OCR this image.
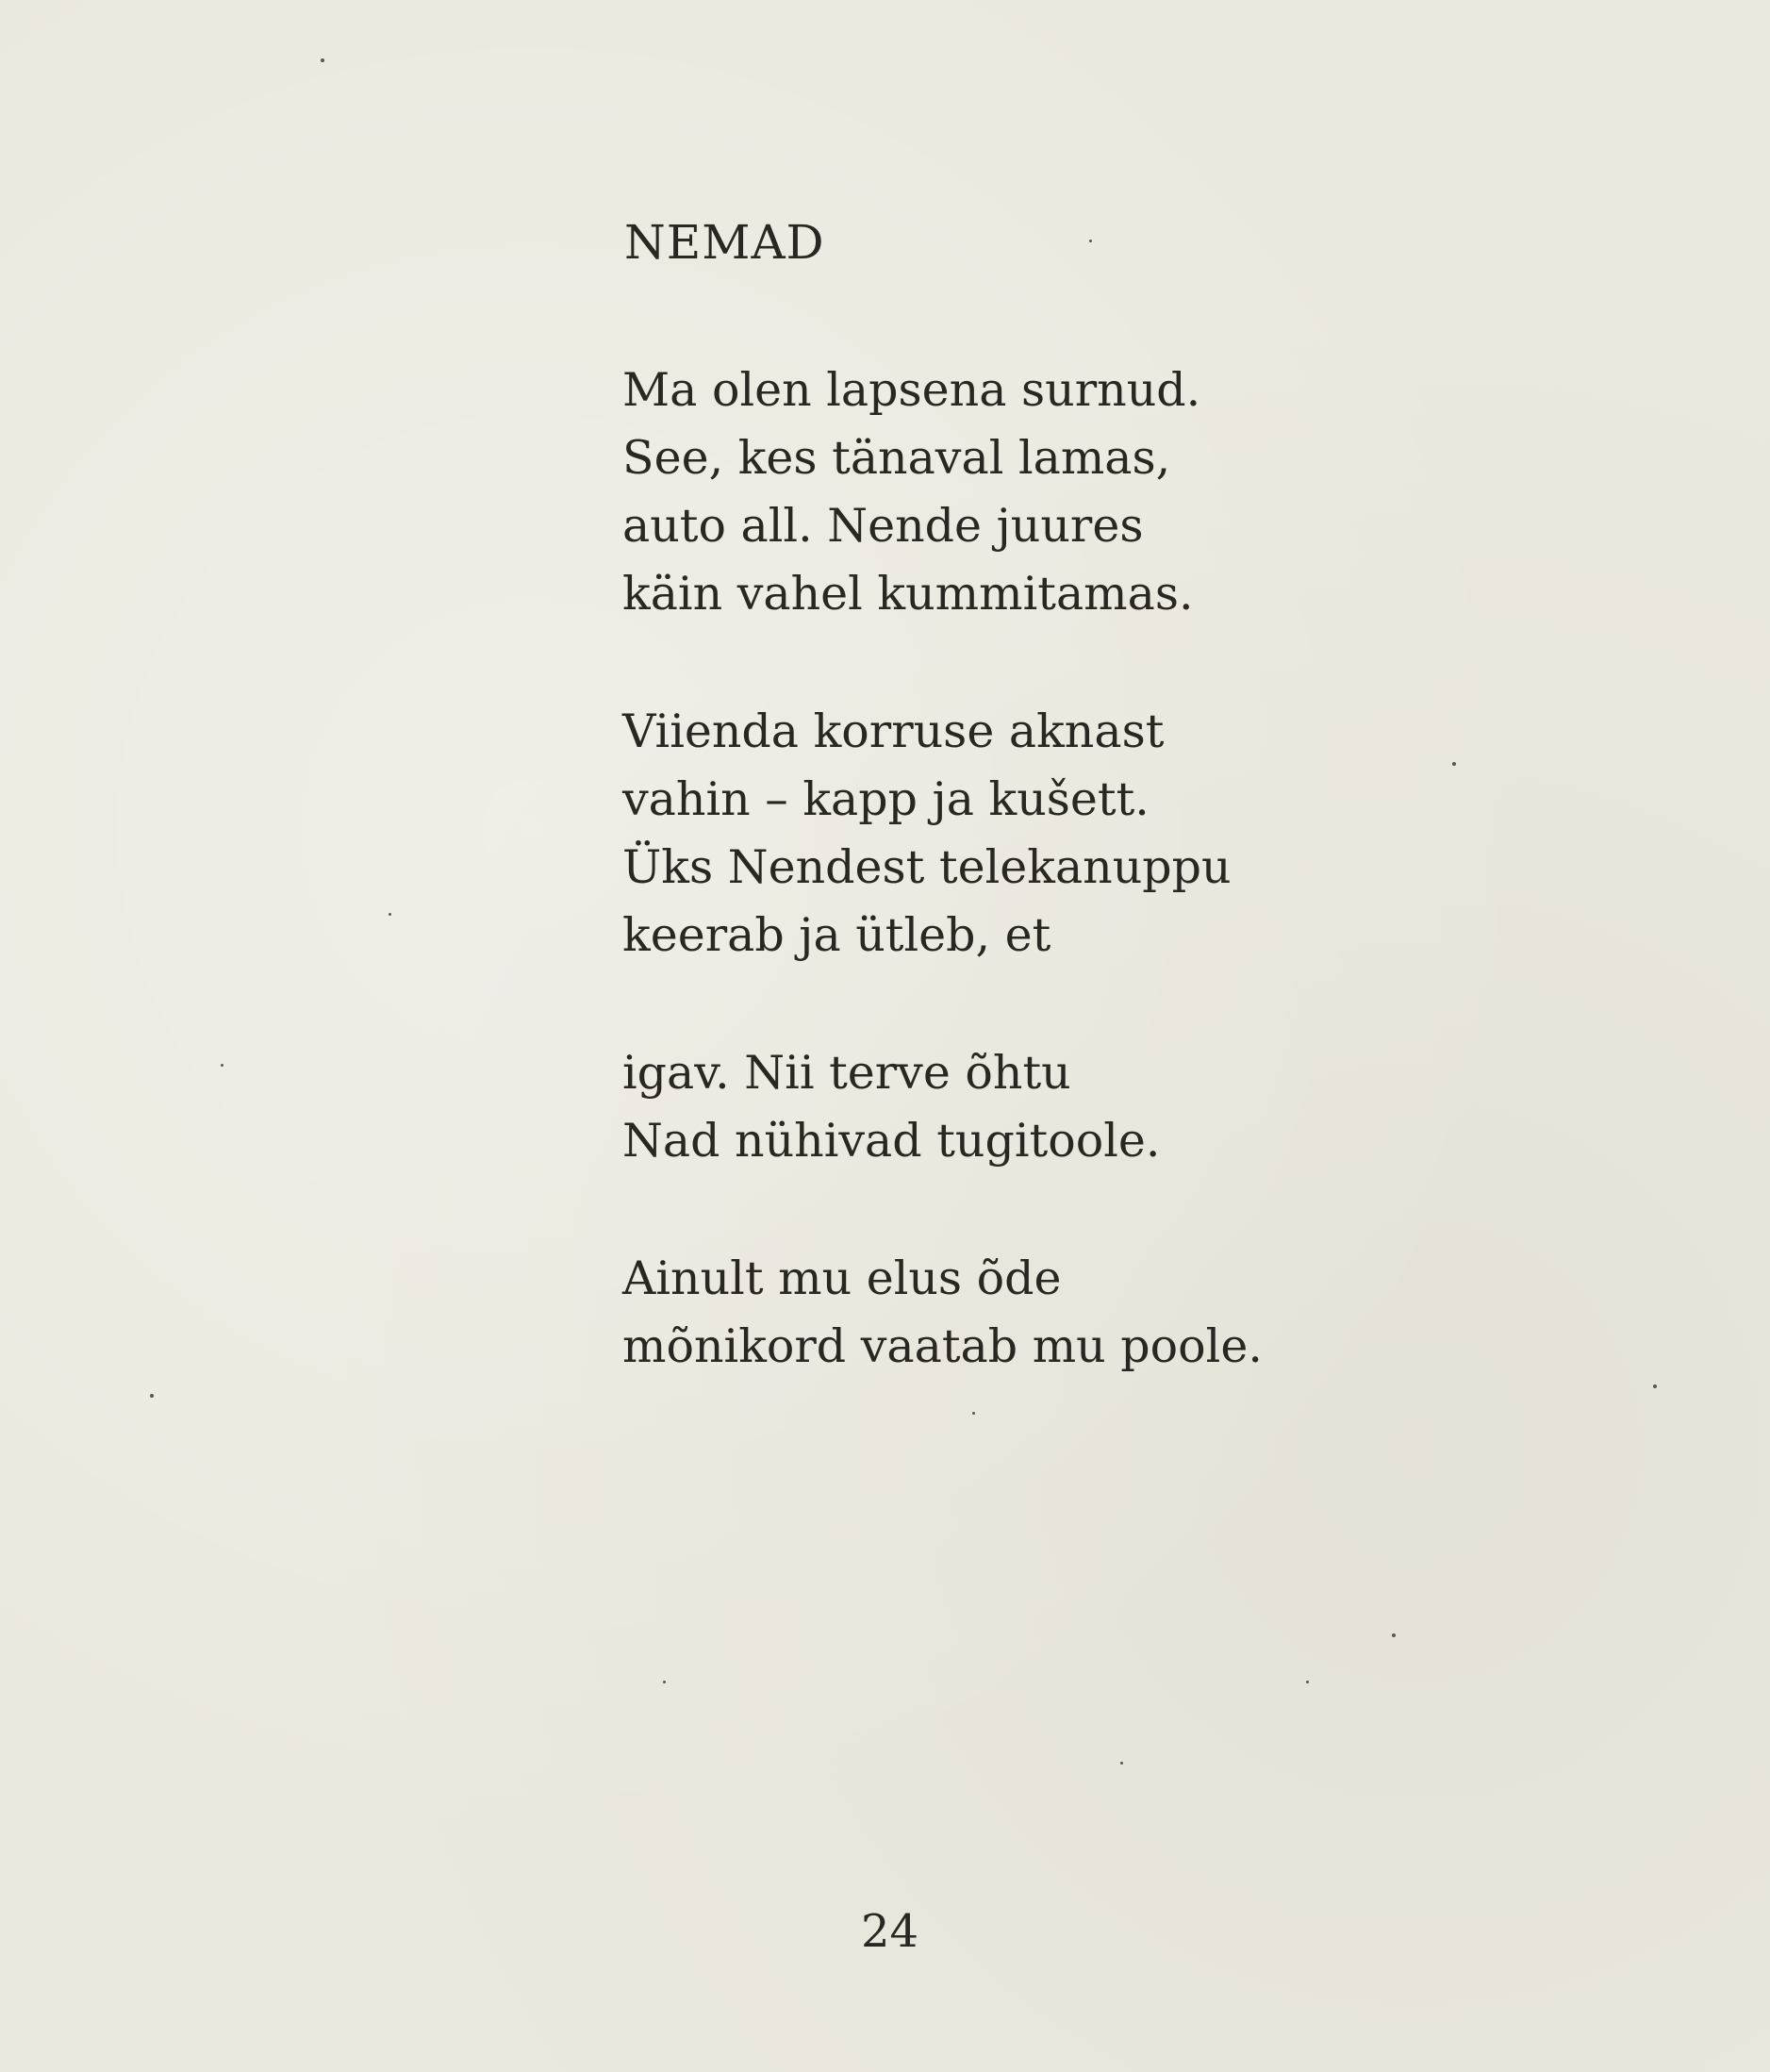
NEMAD
Ma olen lapsena surnud.
See, kes tänaval lamas,
auto all. Nende juures
käin vahel kummitamas.
Viienda korruse aknast
vahin – kapp ja kušett.
Üks Nendest telekanuppu
keerab ja ütleb, et
igav. Nii terve õhtu
Nad nühivad tugitoole.
Ainult mu elus õde
mõnikord vaatab mu poole.
24
